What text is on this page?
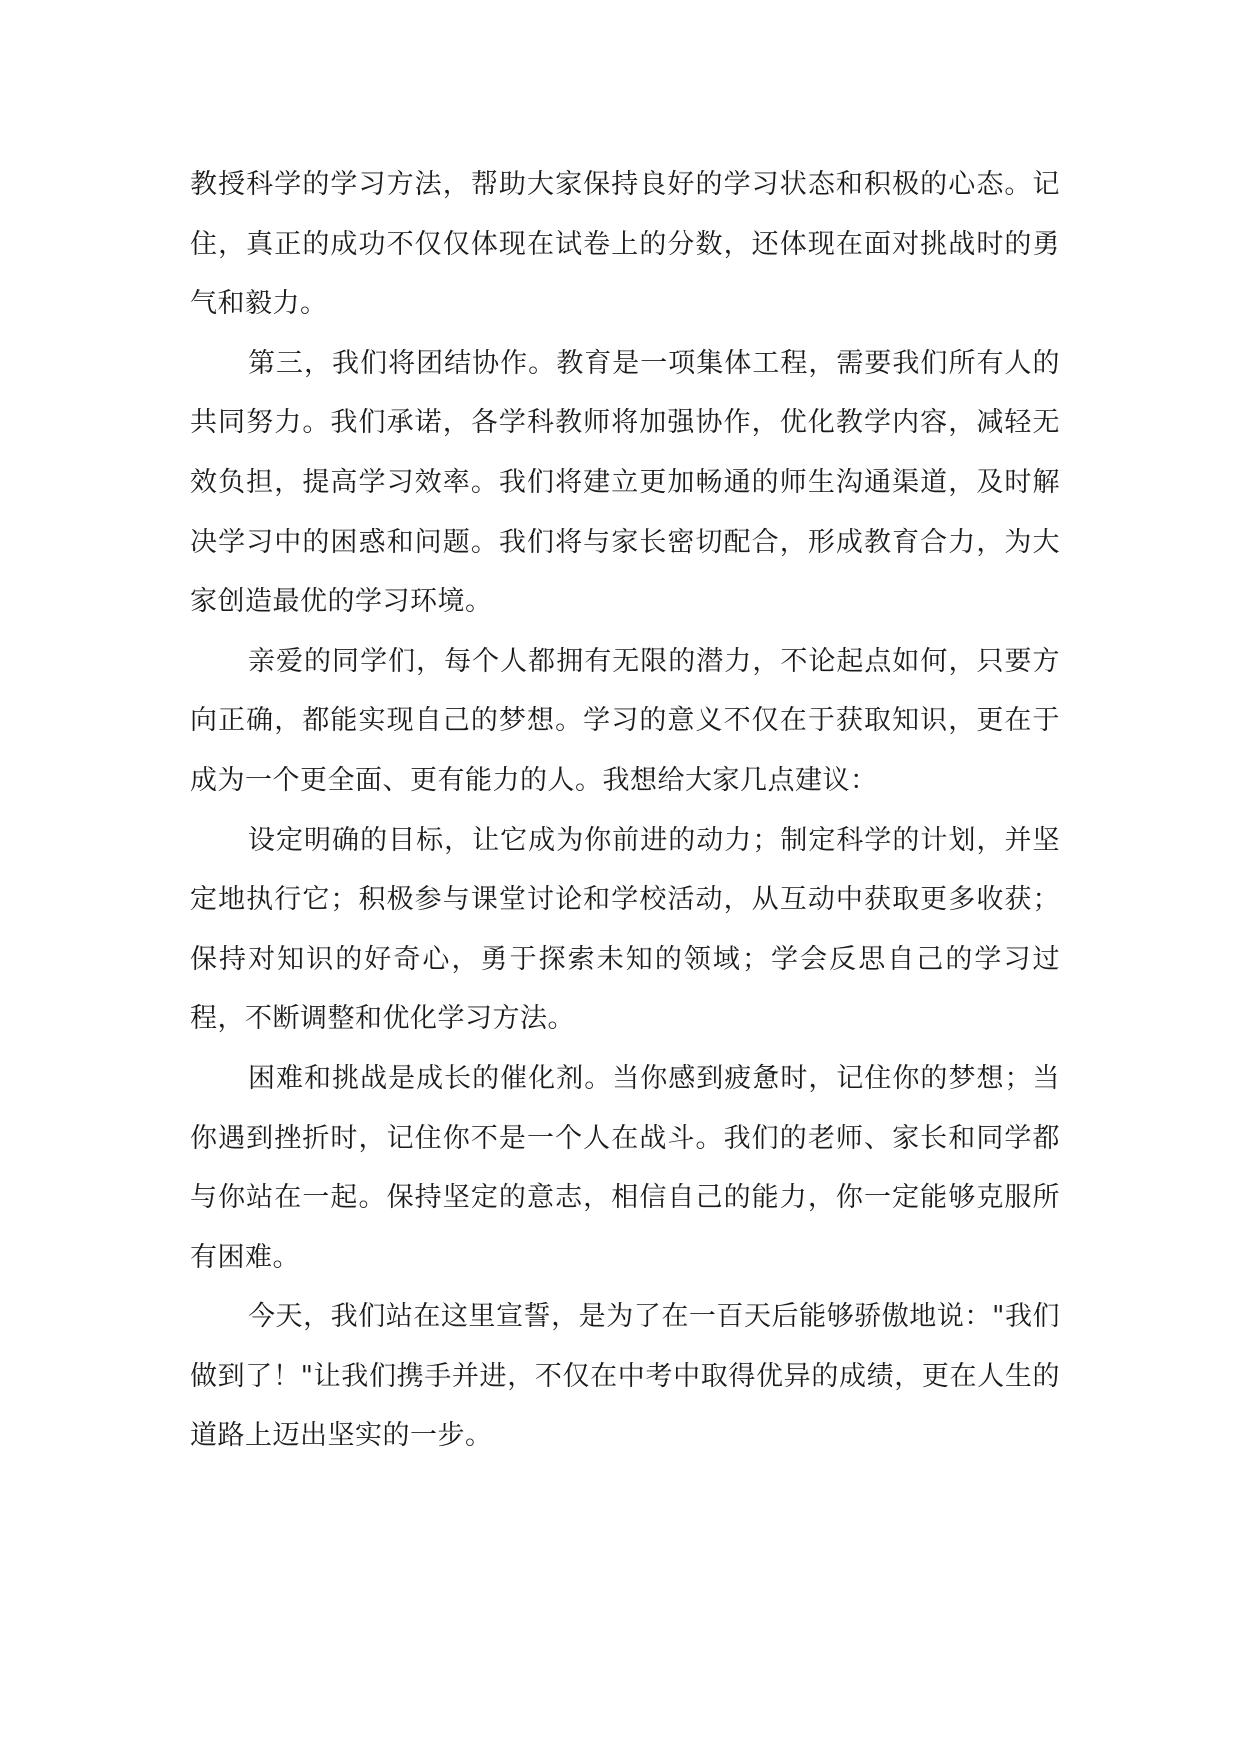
教授科学的学习方法，帮助大家保持良好的学习状态和积极的心态。记住，真正的成功不仅仅体现在试卷上的分数，还体现在面对挑战时的勇气和毅力。

第三，我们将团结协作。教育是一项集体工程，需要我们所有人的共同努力。我们承诺，各学科教师将加强协作，优化教学内容，减轻无效负担，提高学习效率。我们将建立更加畅通的师生沟通渠道，及时解决学习中的困惑和问题。我们将与家长密切配合，形成教育合力，为大家创造最优的学习环境。

亲爱的同学们，每个人都拥有无限的潜力，不论起点如何，只要方向正确，都能实现自己的梦想。学习的意义不仅在于获取知识，更在于成为一个更全面、更有能力的人。我想给大家几点建议：

设定明确的目标，让它成为你前进的动力；制定科学的计划，并坚定地执行它；积极参与课堂讨论和学校活动，从互动中获取更多收获；保持对知识的好奇心，勇于探索未知的领域；学会反思自己的学习过程，不断调整和优化学习方法。

困难和挑战是成长的催化剂。当你感到疲惫时，记住你的梦想；当你遇到挫折时，记住你不是一个人在战斗。我们的老师、家长和同学都与你站在一起。保持坚定的意志，相信自己的能力，你一定能够克服所有困难。

今天，我们站在这里宣誓，是为了在一百天后能够骄傲地说："我们做到了！"让我们携手并进，不仅在中考中取得优异的成绩，更在人生的道路上迈出坚实的一步。
